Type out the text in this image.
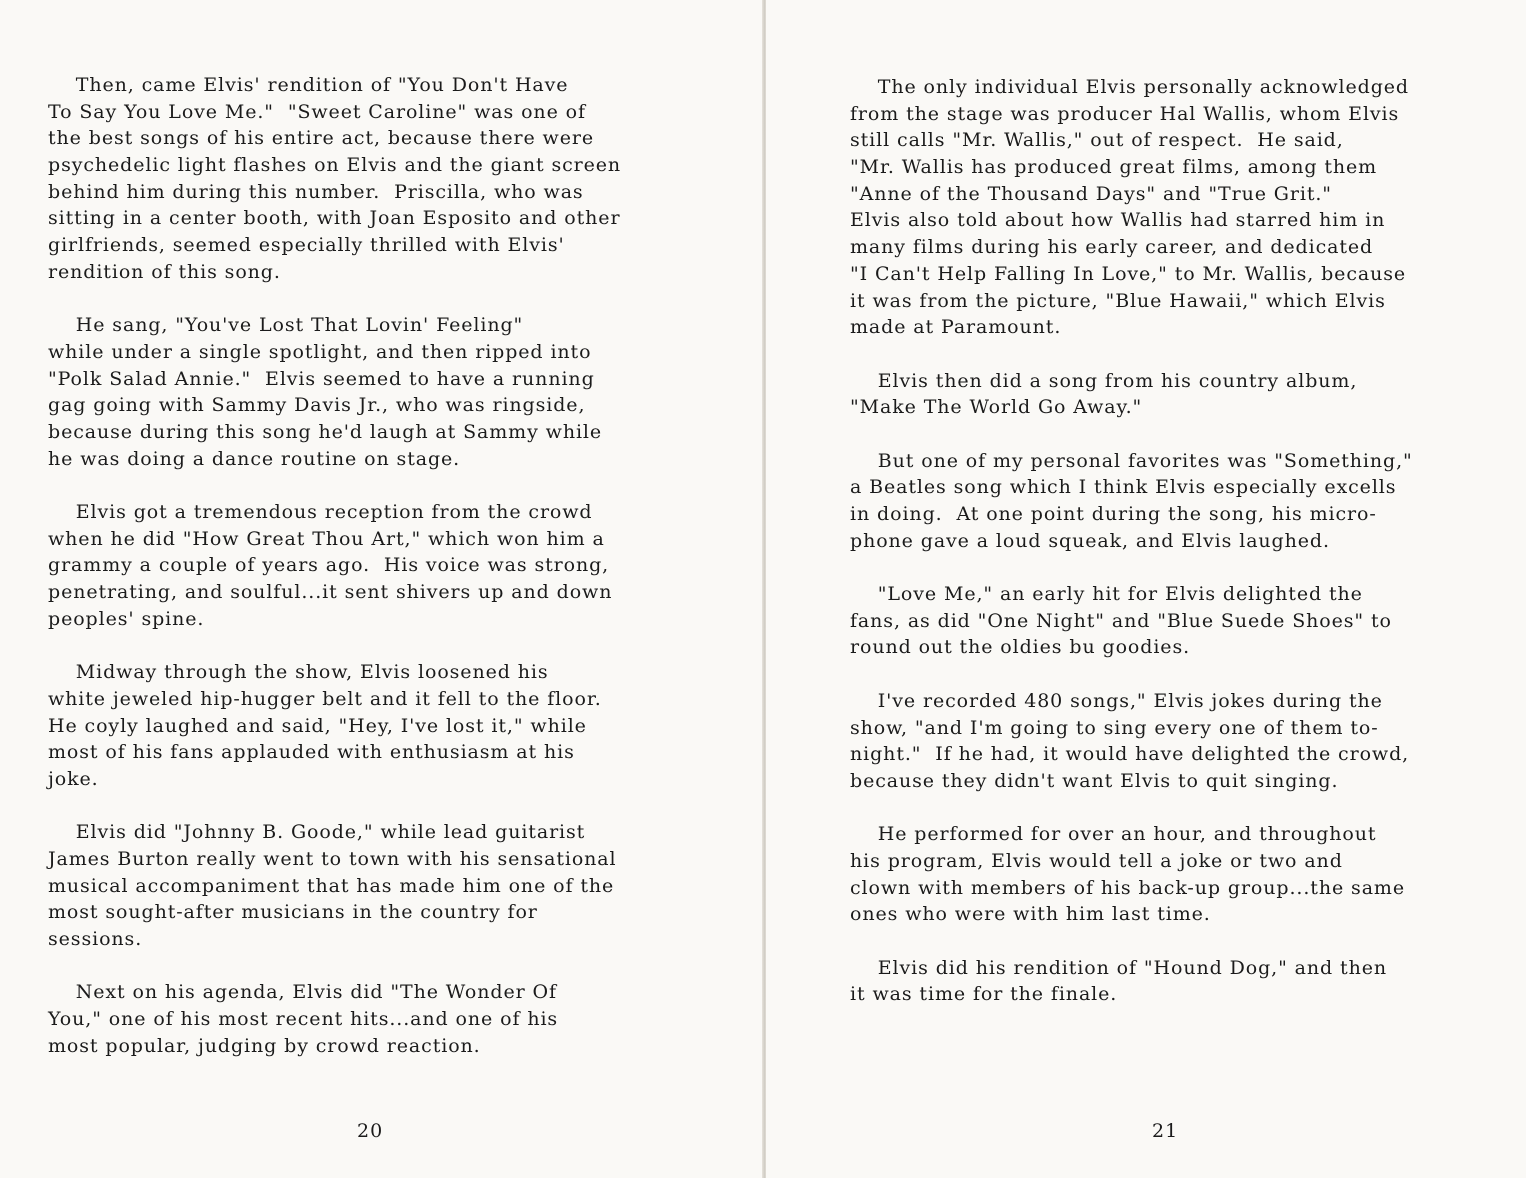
Then, came Elvis' rendition of "You Don't Have
To Say You Love Me."  "Sweet Caroline" was one of
the best songs of his entire act, because there were
psychedelic light flashes on Elvis and the giant screen
behind him during this number.  Priscilla, who was
sitting in a center booth, with Joan Esposito and other
girlfriends, seemed especially thrilled with Elvis'
rendition of this song.
He sang, "You've Lost That Lovin' Feeling"
while under a single spotlight, and then ripped into
"Polk Salad Annie."  Elvis seemed to have a running
gag going with Sammy Davis Jr., who was ringside,
because during this song he'd laugh at Sammy while
he was doing a dance routine on stage.
Elvis got a tremendous reception from the crowd
when he did "How Great Thou Art," which won him a
grammy a couple of years ago.  His voice was strong,
penetrating, and soulful...it sent shivers up and down
peoples' spine.
Midway through the show, Elvis loosened his
white jeweled hip-hugger belt and it fell to the floor.
He coyly laughed and said, "Hey, I've lost it," while
most of his fans applauded with enthusiasm at his
joke.
Elvis did "Johnny B. Goode," while lead guitarist
James Burton really went to town with his sensational
musical accompaniment that has made him one of the
most sought-after musicians in the country for
sessions.
Next on his agenda, Elvis did "The Wonder Of
You," one of his most recent hits...and one of his
most popular, judging by crowd reaction.
20
The only individual Elvis personally acknowledged
from the stage was producer Hal Wallis, whom Elvis
still calls "Mr. Wallis," out of respect.  He said,
"Mr. Wallis has produced great films, among them
"Anne of the Thousand Days" and "True Grit."
Elvis also told about how Wallis had starred him in
many films during his early career, and dedicated
"I Can't Help Falling In Love," to Mr. Wallis, because
it was from the picture, "Blue Hawaii," which Elvis
made at Paramount.
Elvis then did a song from his country album,
"Make The World Go Away."
But one of my personal favorites was "Something,"
a Beatles song which I think Elvis especially excells
in doing.  At one point during the song, his micro-
phone gave a loud squeak, and Elvis laughed.
"Love Me," an early hit for Elvis delighted the
fans, as did "One Night" and "Blue Suede Shoes" to
round out the oldies bu goodies.
I've recorded 480 songs," Elvis jokes during the
show, "and I'm going to sing every one of them to-
night."  If he had, it would have delighted the crowd,
because they didn't want Elvis to quit singing.
He performed for over an hour, and throughout
his program, Elvis would tell a joke or two and
clown with members of his back-up group...the same
ones who were with him last time.
Elvis did his rendition of "Hound Dog," and then
it was time for the finale.
21
